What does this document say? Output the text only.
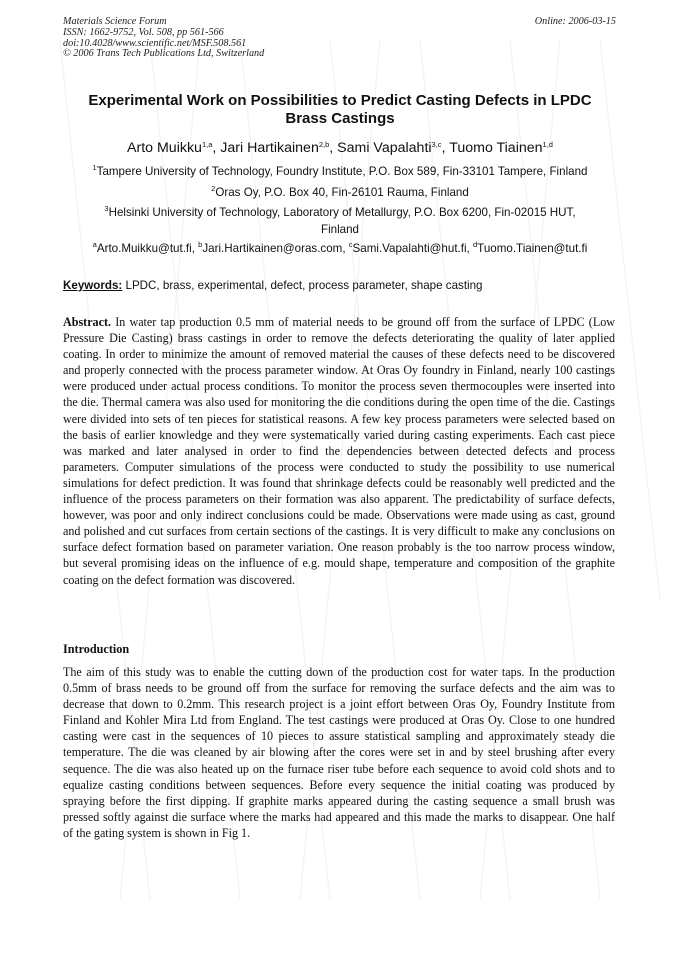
Materials Science Forum
ISSN: 1662-9752, Vol. 508, pp 561-566
doi:10.4028/www.scientific.net/MSF.508.561
© 2006 Trans Tech Publications Ltd, Switzerland
Online: 2006-03-15
Experimental Work on Possibilities to Predict Casting Defects in LPDC
Brass Castings
Arto Muikku$^{1,a}$, Jari Hartikainen$^{2,b}$, Sami Vapalahti$^{3,c}$, Tuomo Tiainen$^{1,d}$
$^1$Tampere University of Technology, Foundry Institute, P.O. Box 589, Fin-33101 Tampere, Finland
$^2$Oras Oy, P.O. Box 40, Fin-26101 Rauma, Finland
$^3$Helsinki University of Technology, Laboratory of Metallurgy, P.O. Box 6200, Fin-02015 HUT,
Finland
$^a$Arto.Muikku@tut.fi, $^b$Jari.Hartikainen@oras.com, $^c$Sami.Vapalahti@hut.fi, $^d$Tuomo.Tiainen@tut.fi
Keywords: LPDC, brass, experimental, defect, process parameter, shape casting

Abstract. In water tap production 0.5 mm of material needs to be ground off from the surface of LPDC (Low Pressure Die Casting) brass castings in order to remove the defects deteriorating the quality of later applied coating. In order to minimize the amount of removed material the causes of these defects need to be discovered and properly connected with the process parameter window. At Oras Oy foundry in Finland, nearly 100 castings were produced under actual process conditions. To monitor the process seven thermocouples were inserted into the die. Thermal camera was also used for monitoring the die conditions during the open time of the die. Castings were divided into sets of ten pieces for statistical reasons. A few key process parameters were selected based on the basis of earlier knowledge and they were systematically varied during casting experiments. Each cast piece was marked and later analysed in order to find the dependencies between detected defects and process parameters. Computer simulations of the process were conducted to study the possibility to use numerical simulations for defect prediction. It was found that shrinkage defects could be reasonably well predicted and the influence of the process parameters on their formation was also apparent. The predictability of surface defects, however, was poor and only indirect conclusions could be made. Observations were made using as cast, ground and polished and cut surfaces from certain sections of the castings. It is very difficult to make any conclusions on surface defect formation based on parameter variation. One reason probably is the too narrow process window, but several promising ideas on the influence of e.g. mould shape, temperature and composition of the graphite coating on the defect formation was discovered.

Introduction

The aim of this study was to enable the cutting down of the production cost for water taps. In the production 0.5mm of brass needs to be ground off from the surface for removing the surface defects and the aim was to decrease that down to 0.2mm. This research project is a joint effort between Oras Oy, Foundry Institute from Finland and Kohler Mira Ltd from England. The test castings were produced at Oras Oy. Close to one hundred casting were cast in the sequences of 10 pieces to assure statistical sampling and approximately steady die temperature. The die was cleaned by air blowing after the cores were set in and by steel brushing after every sequence. The die was also heated up on the furnace riser tube before each sequence to avoid cold shots and to equalize casting conditions between sequences. Before every sequence the initial coating was produced by spraying before the first dipping. If graphite marks appeared during the casting sequence a small brush was pressed softly against die surface where the marks had appeared and this made the marks to disappear. One half of the gating system is shown in Fig 1.
